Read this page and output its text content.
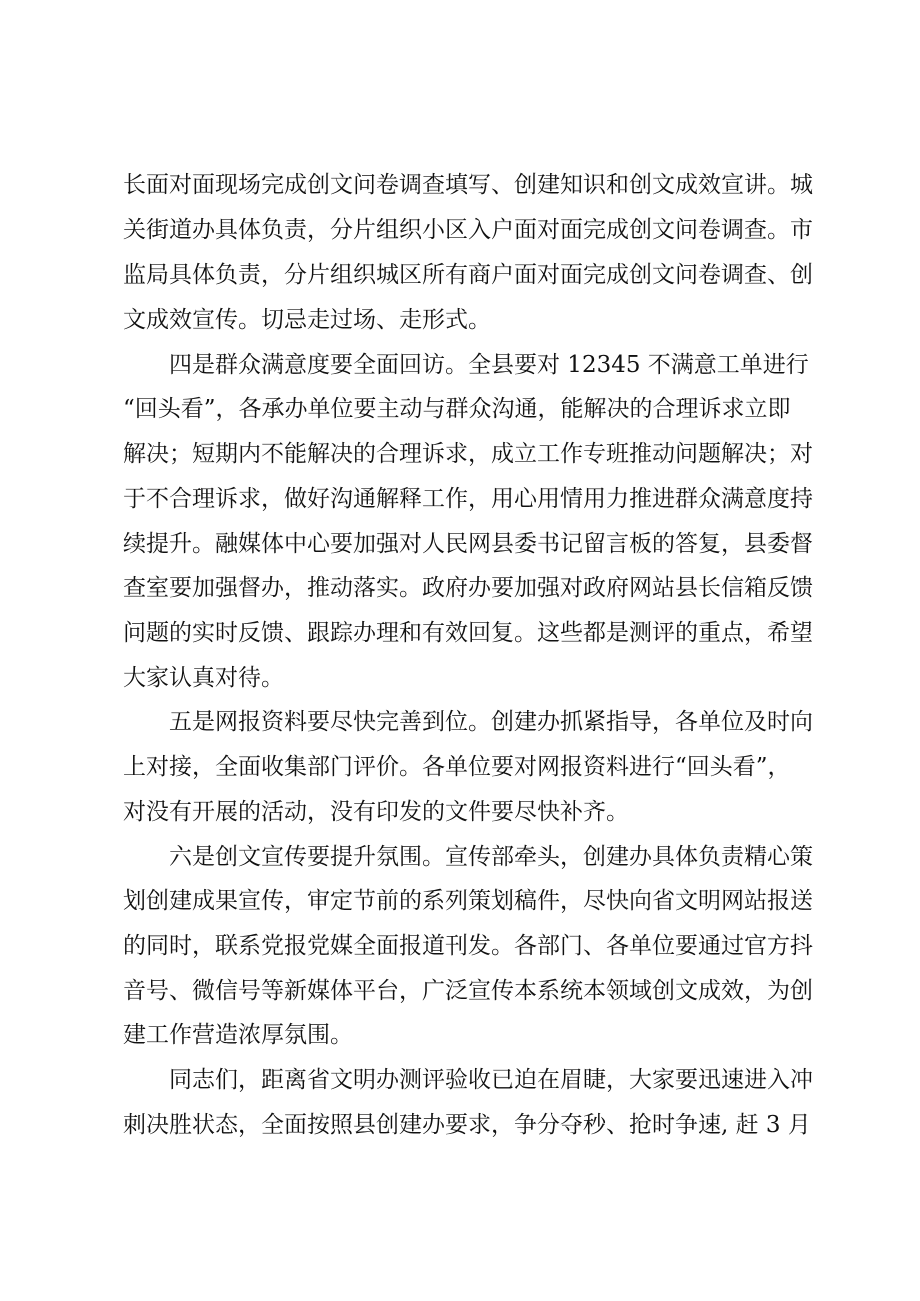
长面对面现场完成创文问卷调查填写、创建知识和创文成效宣讲。城
关街道办具体负责，分片组织小区入户面对面完成创文问卷调查。市
监局具体负责，分片组织城区所有商户面对面完成创文问卷调查、创
文成效宣传。切忌走过场、走形式。
四是群众满意度要全面回访。全县要对 12345 不满意工单进行
“回头看”，各承办单位要主动与群众沟通，能解决的合理诉求立即
解决；短期内不能解决的合理诉求，成立工作专班推动问题解决；对
于不合理诉求，做好沟通解释工作，用心用情用力推进群众满意度持
续提升。融媒体中心要加强对人民网县委书记留言板的答复，县委督
查室要加强督办，推动落实。政府办要加强对政府网站县长信箱反馈
问题的实时反馈、跟踪办理和有效回复。这些都是测评的重点，希望
大家认真对待。
五是网报资料要尽快完善到位。创建办抓紧指导，各单位及时向
上对接，全面收集部门评价。各单位要对网报资料进行“回头看”，
对没有开展的活动，没有印发的文件要尽快补齐。
六是创文宣传要提升氛围。宣传部牵头，创建办具体负责精心策
划创建成果宣传，审定节前的系列策划稿件，尽快向省文明网站报送
的同时，联系党报党媒全面报道刊发。各部门、各单位要通过官方抖
音号、微信号等新媒体平台，广泛宣传本系统本领域创文成效，为创
建工作营造浓厚氛围。
同志们，距离省文明办测评验收已迫在眉睫，大家要迅速进入冲
刺决胜状态，全面按照县创建办要求，争分夺秒、抢时争速, 赶 3 月
